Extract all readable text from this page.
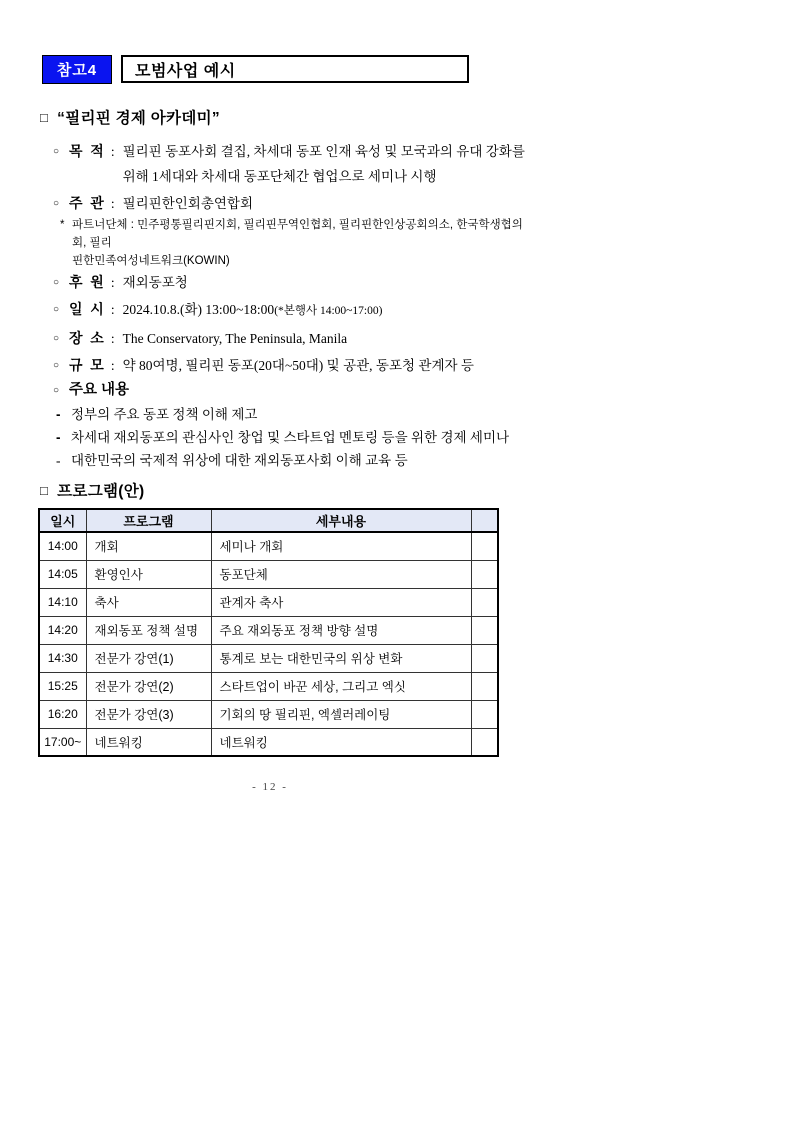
참고4	모범사업 예시
□ “필리핀 경제 아카데미”
○ 목  적 : 필리핀 동포사회 결집, 차세대 동포 인재 육성 및 모국과의 유대 강화를
위해 1세대와 차세대 동포단체간 협업으로 세미나 시행
○ 주  관 : 필리핀한인회총연합회
* 파트너단체 : 민주평통필리핀지회, 필리핀무역인협회, 필리핀한인상공회의소, 한국학생협의회, 필리
핀한민족여성네트워크(KOWIN)
○ 후  원 : 재외동포청
○ 일  시 : 2024.10.8.(화) 13:00~18:00(*본행사 14:00~17:00)
○ 장  소 : The Conservatory, The Peninsula, Manila
○ 규  모 : 약 80여명, 필리핀 동포(20대~50대) 및 공관, 동포청 관계자 등
○ 주요 내용
- 정부의 주요 동포 정책 이해 제고
- 차세대 재외동포의 관심사인 창업 및 스타트업 멘토링 등을 위한 경제 세미나
- 대한민국의 국제적 위상에 대한 재외동포사회 이해 교육 등
□ 프로그램(안)
일시	프로그램	세부내용	
14:00	개회	세미나 개회	
14:05	환영인사	동포단체	
14:10	축사	관계자 축사	
14:20	재외동포 정책 설명	주요 재외동포 정책 방향 설명	
14:30	전문가 강연(1)	통계로 보는 대한민국의 위상 변화	
15:25	전문가 강연(2)	스타트업이 바꾼 세상, 그리고 엑싯	
16:20	전문가 강연(3)	기회의 땅 필리핀, 엑셀러레이팅	
17:00~	네트워킹	네트워킹	
- 12 -
